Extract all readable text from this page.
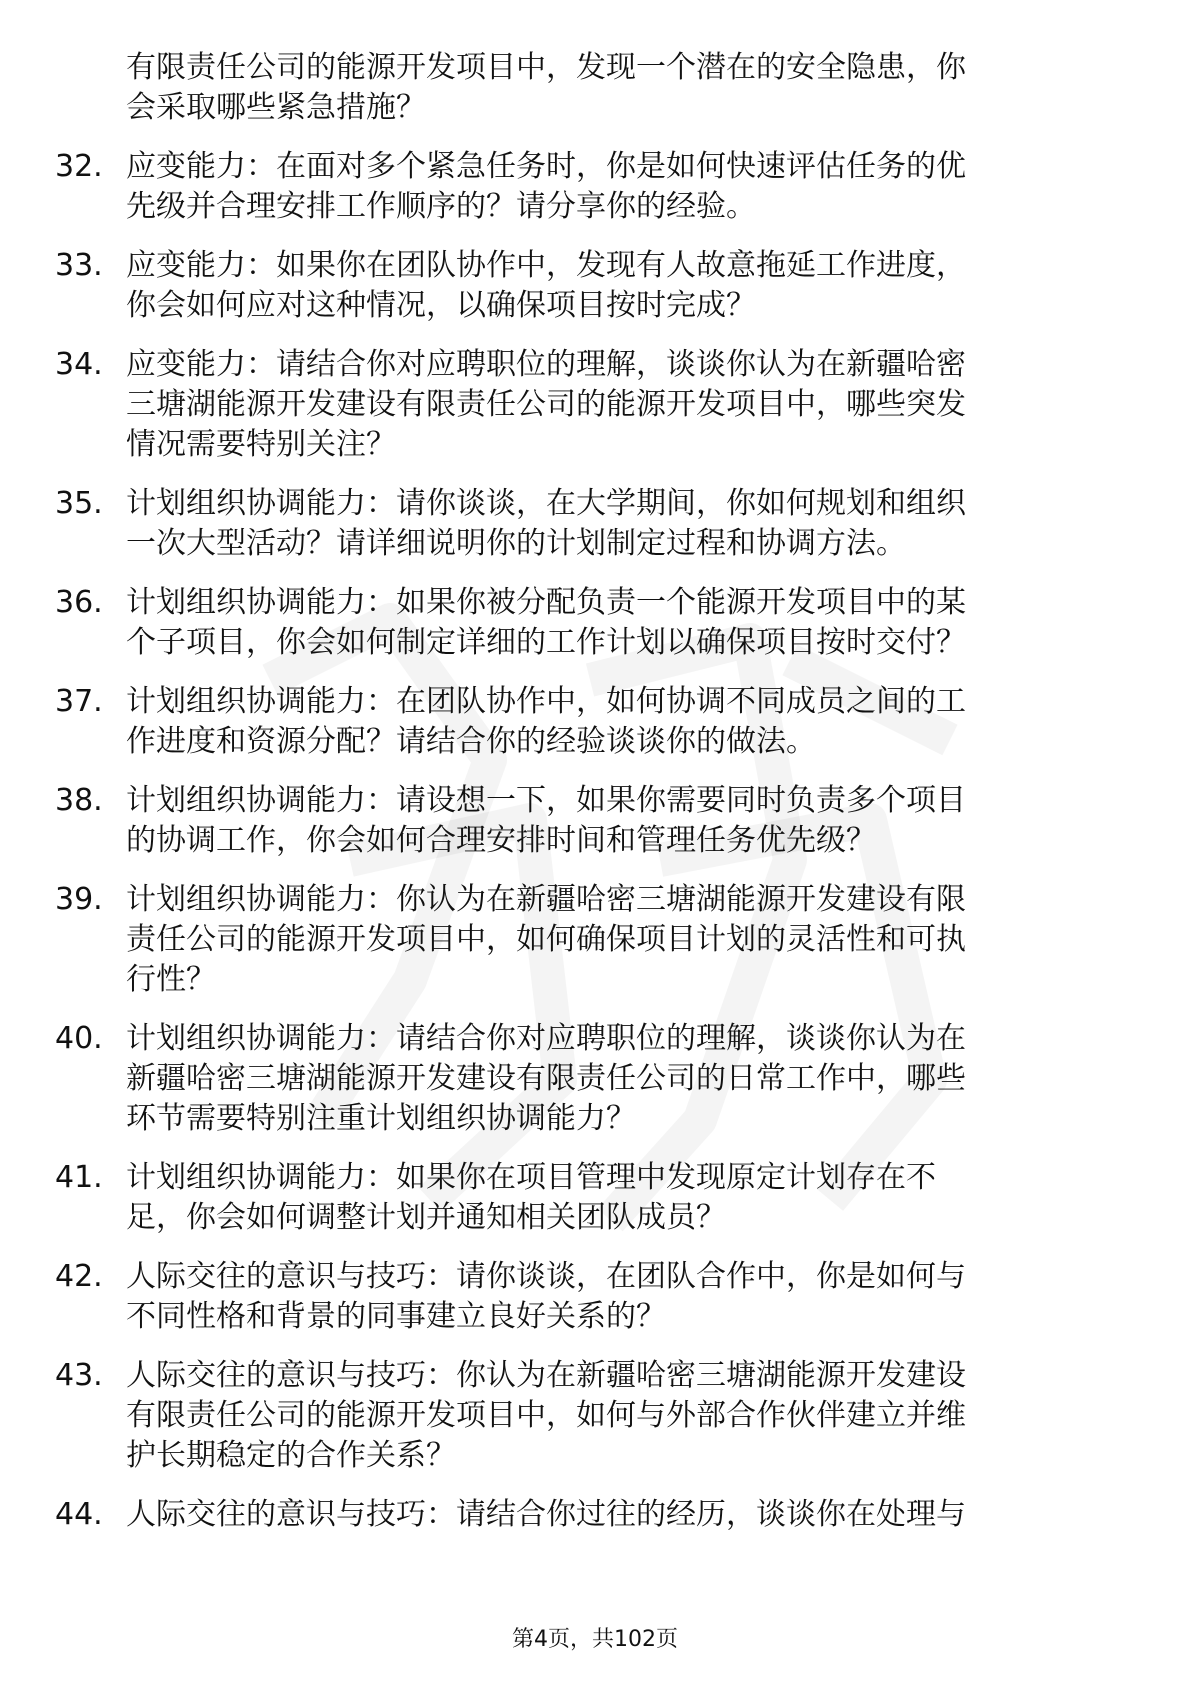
有限责任公司的能源开发项目中，发现一个潜在的安全隐患，你
会采取哪些紧急措施？
32. 应变能力：在面对多个紧急任务时，你是如何快速评估任务的优
先级并合理安排工作顺序的？请分享你的经验。
33. 应变能力：如果你在团队协作中，发现有人故意拖延工作进度，
你会如何应对这种情况，以确保项目按时完成？
34. 应变能力：请结合你对应聘职位的理解，谈谈你认为在新疆哈密
三塘湖能源开发建设有限责任公司的能源开发项目中，哪些突发
情况需要特别关注？
35. 计划组织协调能力：请你谈谈，在大学期间，你如何规划和组织
一次大型活动？请详细说明你的计划制定过程和协调方法。
36. 计划组织协调能力：如果你被分配负责一个能源开发项目中的某
个子项目，你会如何制定详细的工作计划以确保项目按时交付？
37. 计划组织协调能力：在团队协作中，如何协调不同成员之间的工
作进度和资源分配？请结合你的经验谈谈你的做法。
38. 计划组织协调能力：请设想一下，如果你需要同时负责多个项目
的协调工作，你会如何合理安排时间和管理任务优先级？
39. 计划组织协调能力：你认为在新疆哈密三塘湖能源开发建设有限
责任公司的能源开发项目中，如何确保项目计划的灵活性和可执
行性？
40. 计划组织协调能力：请结合你对应聘职位的理解，谈谈你认为在
新疆哈密三塘湖能源开发建设有限责任公司的日常工作中，哪些
环节需要特别注重计划组织协调能力？
41. 计划组织协调能力：如果你在项目管理中发现原定计划存在不
足，你会如何调整计划并通知相关团队成员？
42. 人际交往的意识与技巧：请你谈谈，在团队合作中，你是如何与
不同性格和背景的同事建立良好关系的？
43. 人际交往的意识与技巧：你认为在新疆哈密三塘湖能源开发建设
有限责任公司的能源开发项目中，如何与外部合作伙伴建立并维
护长期稳定的合作关系？
44. 人际交往的意识与技巧：请结合你过往的经历，谈谈你在处理与
第4页，共102页
